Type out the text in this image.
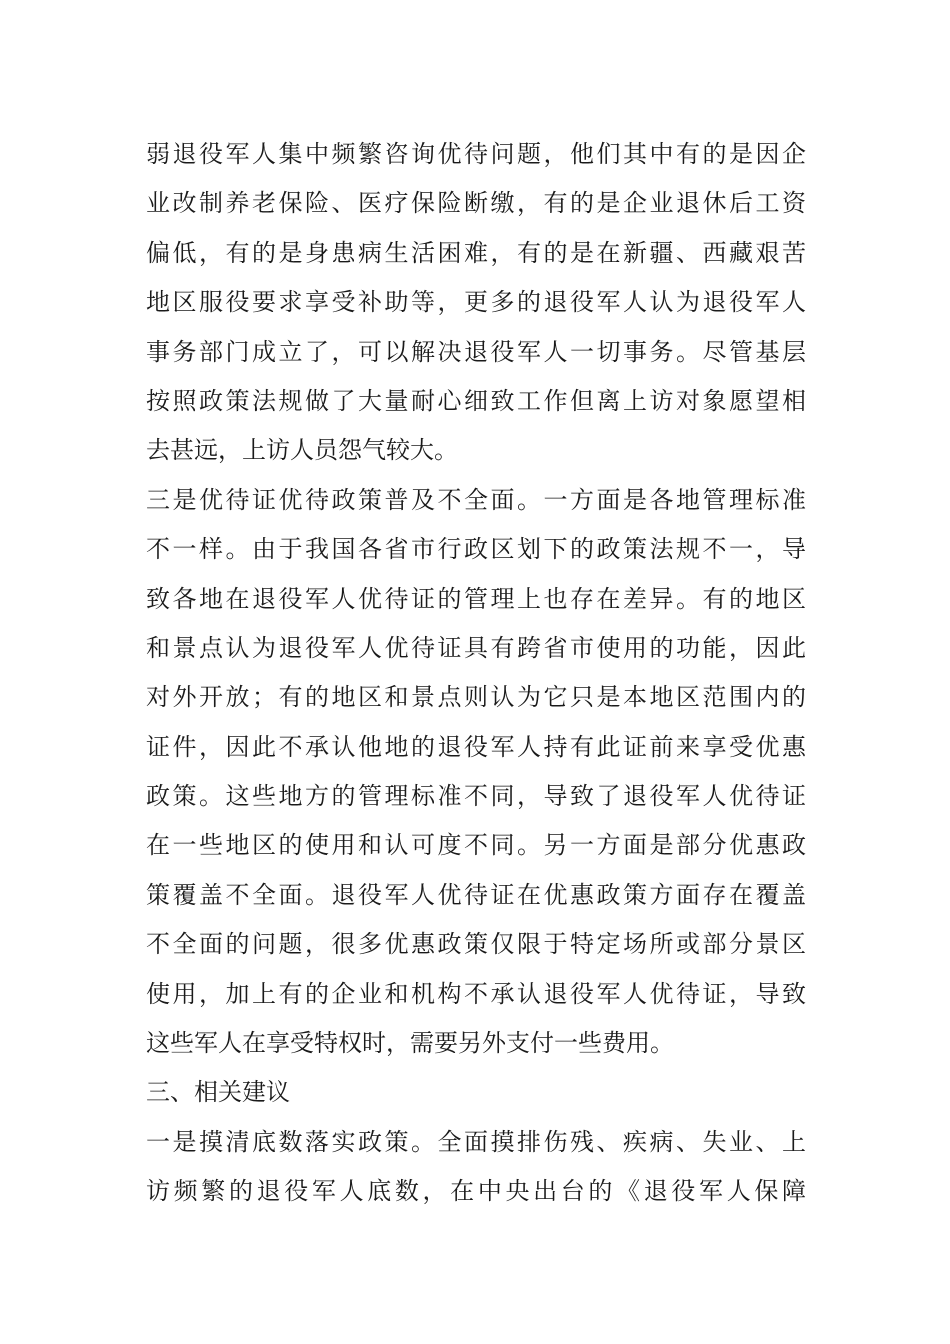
弱退役军人集中频繁咨询优待问题，他们其中有的是因企
业改制养老保险、医疗保险断缴，有的是企业退休后工资
偏低，有的是身患病生活困难，有的是在新疆、西藏艰苦
地区服役要求享受补助等，更多的退役军人认为退役军人
事务部门成立了，可以解决退役军人一切事务。尽管基层
按照政策法规做了大量耐心细致工作但离上访对象愿望相
去甚远，上访人员怨气较大。
三是优待证优待政策普及不全面。一方面是各地管理标准
不一样。由于我国各省市行政区划下的政策法规不一，导
致各地在退役军人优待证的管理上也存在差异。有的地区
和景点认为退役军人优待证具有跨省市使用的功能，因此
对外开放；有的地区和景点则认为它只是本地区范围内的
证件，因此不承认他地的退役军人持有此证前来享受优惠
政策。这些地方的管理标准不同，导致了退役军人优待证
在一些地区的使用和认可度不同。另一方面是部分优惠政
策覆盖不全面。退役军人优待证在优惠政策方面存在覆盖
不全面的问题，很多优惠政策仅限于特定场所或部分景区
使用，加上有的企业和机构不承认退役军人优待证，导致
这些军人在享受特权时，需要另外支付一些费用。
三、相关建议
一是摸清底数落实政策。全面摸排伤残、疾病、失业、上
访频繁的退役军人底数，在中央出台的《退役军人保障
